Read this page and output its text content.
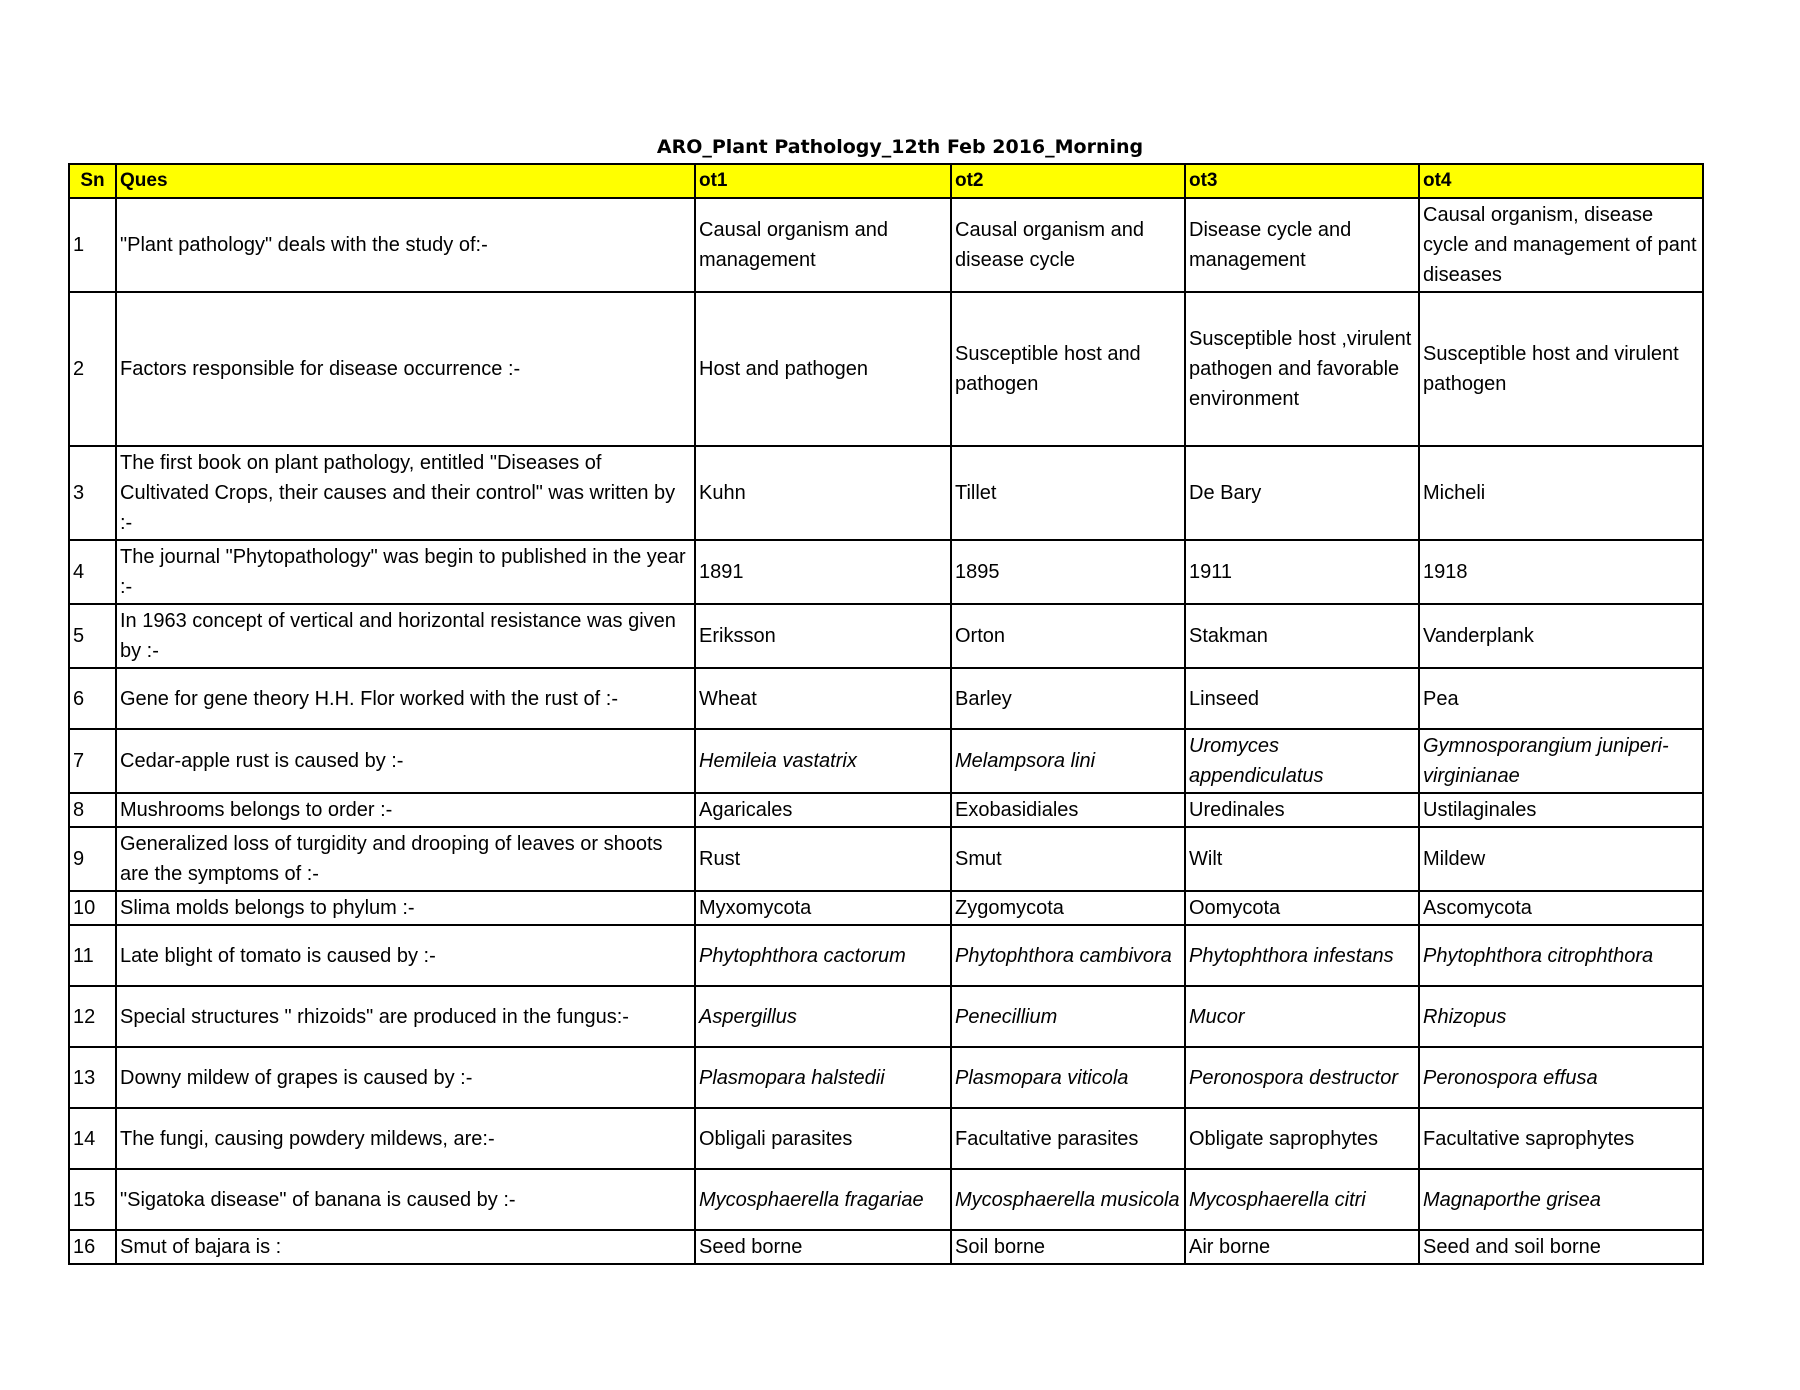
ARO_Plant Pathology_12th Feb 2016_Morning
Sn	Ques	ot1	ot2	ot3	ot4
1	"Plant pathology" deals with the study of:-	Causal organism and management	Causal organism and disease cycle	Disease cycle and management	Causal organism, disease cycle and management of pant diseases
2	Factors responsible for disease occurrence :-	Host and pathogen	Susceptible host and pathogen	Susceptible host ,virulent pathogen and favorable environment	Susceptible host and virulent pathogen
3	The first book on plant pathology, entitled "Diseases of Cultivated Crops, their causes and their control" was written by :-	Kuhn	Tillet	De Bary	Micheli
4	The journal "Phytopathology" was begin to published in the year :-	1891	1895	1911	1918
5	In 1963 concept of vertical and horizontal resistance was given by :-	Eriksson	Orton	Stakman	Vanderplank
6	Gene for gene theory H.H. Flor worked with the rust of :-	Wheat	Barley	Linseed	Pea
7	Cedar-apple rust is caused by :-	Hemileia vastatrix	Melampsora lini	Uromyces appendiculatus	Gymnosporangium juniperi-virginianae
8	Mushrooms belongs to order :-	Agaricales	Exobasidiales	Uredinales	Ustilaginales
9	Generalized loss of turgidity and drooping of leaves or shoots are the symptoms of :-	Rust	Smut	Wilt	Mildew
10	Slima molds belongs to phylum :-	Myxomycota	Zygomycota	Oomycota	Ascomycota
11	Late blight of tomato is caused by :-	Phytophthora cactorum	Phytophthora cambivora	Phytophthora infestans	Phytophthora citrophthora
12	Special structures " rhizoids" are produced in the fungus:-	Aspergillus	Penecillium	Mucor	Rhizopus
13	Downy mildew of grapes is caused by :-	Plasmopara halstedii	Plasmopara viticola	Peronospora destructor	Peronospora effusa
14	The fungi, causing powdery mildews, are:-	Obligali parasites	Facultative parasites	Obligate saprophytes	Facultative saprophytes
15	"Sigatoka disease" of banana is caused by :-	Mycosphaerella fragariae	Mycosphaerella musicola	Mycosphaerella citri	Magnaporthe grisea
16	Smut of bajara is :	Seed borne	Soil borne	Air borne	Seed and soil borne
